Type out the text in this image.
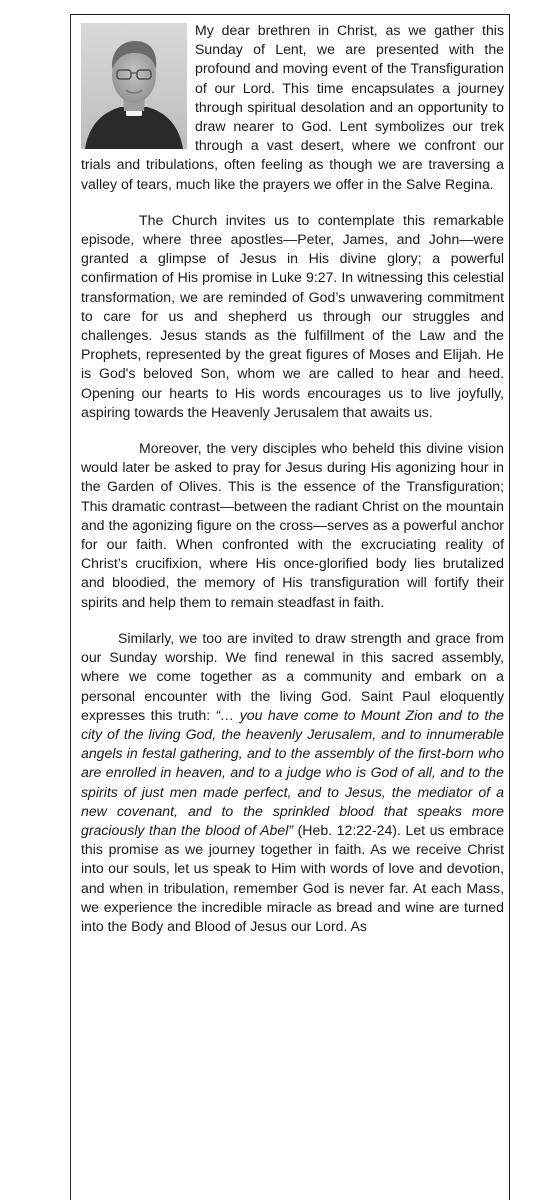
My dear brethren in Christ, as we gather this Sunday of Lent, we are presented with the profound and moving event of the Transfiguration of our Lord. This time encapsulates a journey through spiritual desolation and an opportunity to draw nearer to God. Lent symbolizes our trek through a vast desert, where we confront our trials and tribulations, often feeling as though we are traversing a valley of tears, much like the prayers we offer in the Salve Regina.

The Church invites us to contemplate this remarkable episode, where three apostles—Peter, James, and John—were granted a glimpse of Jesus in His divine glory; a powerful confirmation of His promise in Luke 9:27. In witnessing this celestial transformation, we are reminded of God’s unwavering commitment to care for us and shepherd us through our struggles and challenges. Jesus stands as the fulfillment of the Law and the Prophets, represented by the great figures of Moses and Elijah. He is God's beloved Son, whom we are called to hear and heed. Opening our hearts to His words encourages us to live joyfully, aspiring towards the Heavenly Jerusalem that awaits us.

Moreover, the very disciples who beheld this divine vision would later be asked to pray for Jesus during His agonizing hour in the Garden of Olives. This is the essence of the Transfiguration; This dramatic contrast—between the radiant Christ on the mountain and the agonizing figure on the cross—serves as a powerful anchor for our faith. When confronted with the excruciating reality of Christ’s crucifixion, where His once-glorified body lies brutalized and bloodied, the memory of His transfiguration will fortify their spirits and help them to remain steadfast in faith.

Similarly, we too are invited to draw strength and grace from our Sunday worship. We find renewal in this sacred assembly, where we come together as a community and embark on a personal encounter with the living God. Saint Paul eloquently expresses this truth: “… you have come to Mount Zion and to the city of the living God, the heavenly Jerusalem, and to innumerable angels in festal gathering, and to the assembly of the first-born who are enrolled in heaven, and to a judge who is God of all, and to the spirits of just men made perfect, and to Jesus, the mediator of a new covenant, and to the sprinkled blood that speaks more graciously than the blood of Abel” (Heb. 12:22-24). Let us embrace this promise as we journey together in faith. As we receive Christ into our souls, let us speak to Him with words of love and devotion, and when in tribulation, remember God is never far. At each Mass, we experience the incredible miracle as bread and wine are turned into the Body and Blood of Jesus our Lord. As
